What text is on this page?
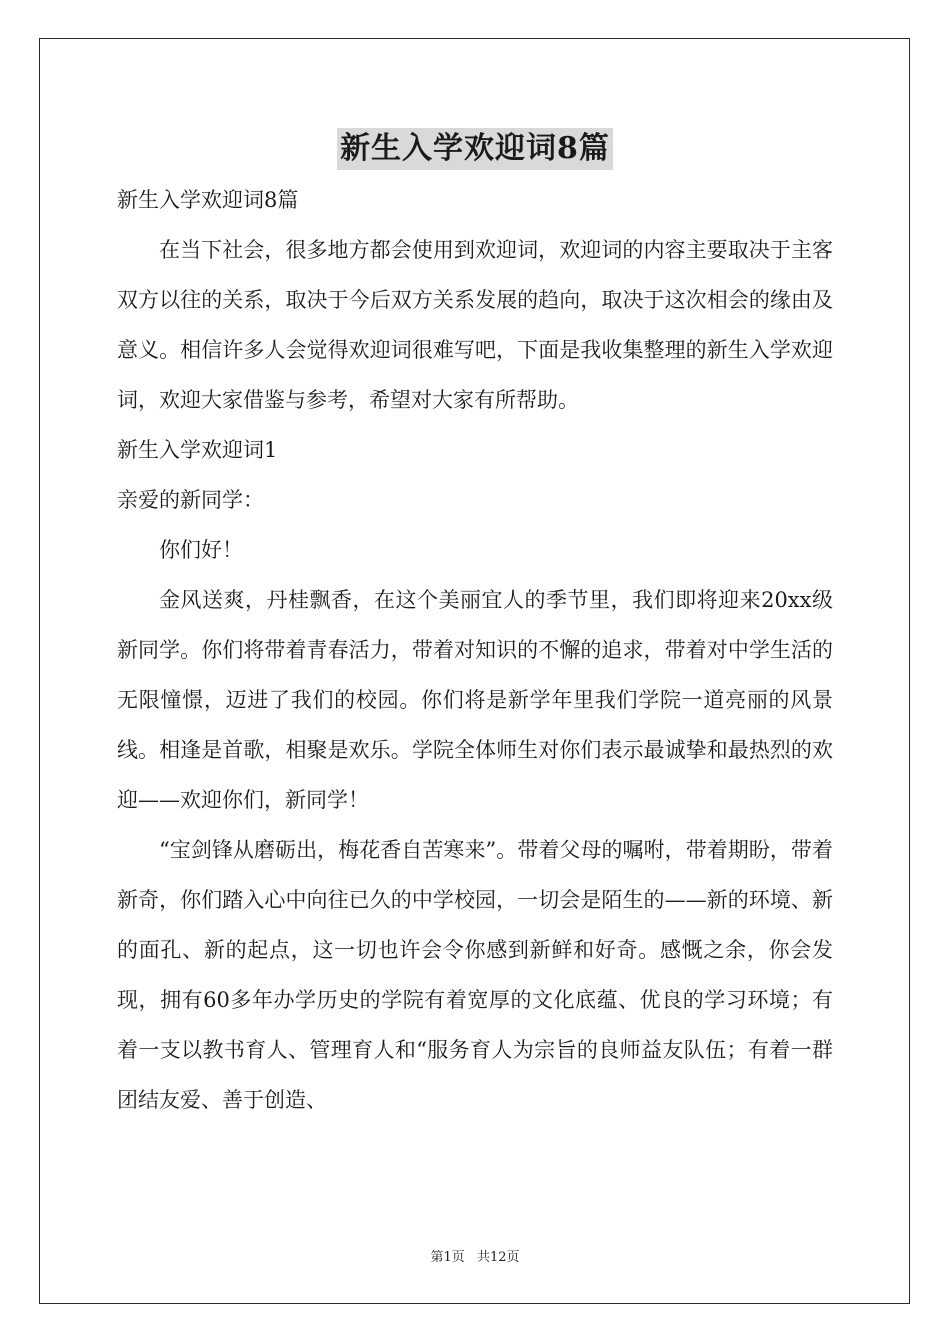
新生入学欢迎词8篇
新生入学欢迎词8篇

在当下社会，很多地方都会使用到欢迎词，欢迎词的内容主要取决于主客双方以往的关系，取决于今后双方关系发展的趋向，取决于这次相会的缘由及意义。相信许多人会觉得欢迎词很难写吧，下面是我收集整理的新生入学欢迎词，欢迎大家借鉴与参考，希望对大家有所帮助。

新生入学欢迎词1
亲爱的新同学：

你们好！

金风送爽，丹桂飘香，在这个美丽宜人的季节里，我们即将迎来20xx级新同学。你们将带着青春活力，带着对知识的不懈的追求，带着对中学生活的无限憧憬，迈进了我们的校园。你们将是新学年里我们学院一道亮丽的风景线。相逢是首歌，相聚是欢乐。学院全体师生对你们表示最诚挚和最热烈的欢迎——欢迎你们，新同学！

“宝剑锋从磨砺出，梅花香自苦寒来”。带着父母的嘱咐，带着期盼，带着新奇，你们踏入心中向往已久的中学校园，一切会是陌生的——新的环境、新的面孔、新的起点，这一切也许会令你感到新鲜和好奇。感慨之余，你会发现，拥有60多年办学历史的学院有着宽厚的文化底蕴、优良的学习环境；有着一支以教书育人、管理育人和“服务育人为宗旨的良师益友队伍；有着一群团结友爱、善于创造、

第1页 共12页
